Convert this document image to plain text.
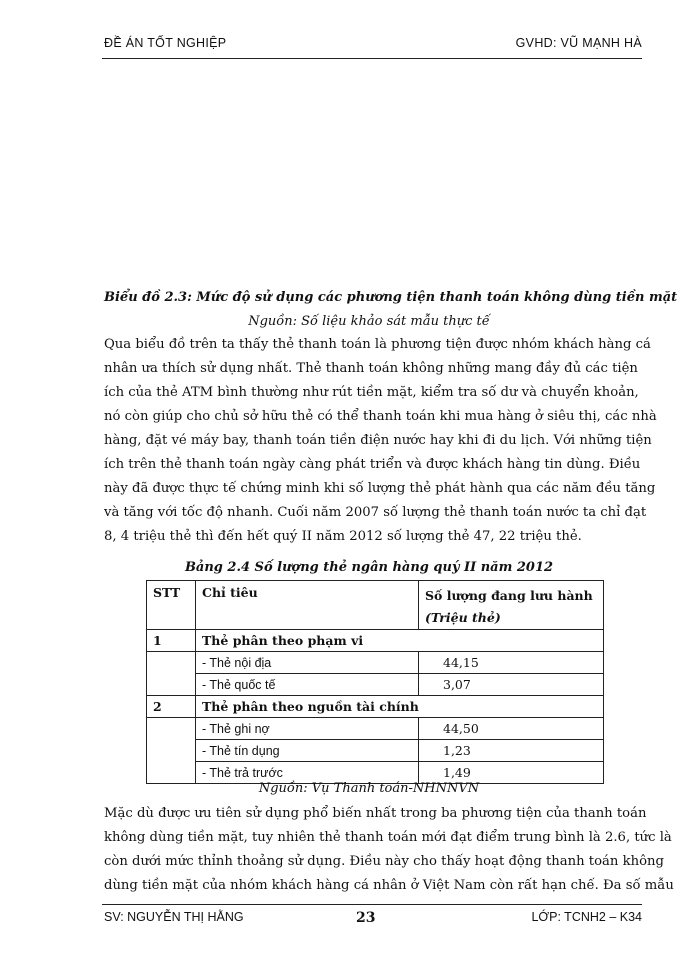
ĐỀ ÁN TỐT NGHIỆP	GVHD: VŨ MẠNH HÀ
Biểu đồ 2.3: Mức độ sử dụng các phương tiện thanh toán không dùng tiền mặt
Nguồn: Số liệu khảo sát mẫu thực tế
Qua biểu đồ trên ta thấy thẻ thanh toán là phương tiện được nhóm khách hàng cá
nhân ưa thích sử dụng nhất. Thẻ thanh toán không những mang đầy đủ các tiện
ích của thẻ ATM bình thường như rút tiền mặt, kiểm tra số dư và chuyển khoản,
nó còn giúp cho chủ sở hữu thẻ có thể thanh toán khi mua hàng ở siêu thị, các nhà
hàng, đặt vé máy bay, thanh toán tiền điện nước hay khi đi du lịch. Với những tiện
ích trên thẻ thanh toán ngày càng phát triển và được khách hàng tin dùng. Điều
này đã được thực tế chứng minh khi số lượng thẻ phát hành qua các năm đều tăng
và tăng với tốc độ nhanh. Cuối năm 2007 số lượng thẻ thanh toán nước ta chỉ đạt
8, 4 triệu thẻ thì đến hết quý II năm 2012 số lượng thẻ 47, 22 triệu thẻ.
Bảng 2.4 Số lượng thẻ ngân hàng quý II năm 2012
STT	Chỉ tiêu	Số lượng đang lưu hành
(Triệu thẻ)

1	Thẻ phân theo phạm vi	
	- Thẻ nội địa	44,15
	- Thẻ quốc tế	3,07
2	Thẻ phân theo nguồn tài chính	
	- Thẻ ghi nợ	44,50
	- Thẻ tín dụng	1,23
	- Thẻ trả trước	1,49
Nguồn: Vụ Thanh toán-NHNNVN
Mặc dù được ưu tiên sử dụng phổ biến nhất trong ba phương tiện của thanh toán
không dùng tiền mặt, tuy nhiên thẻ thanh toán mới đạt điểm trung bình là 2.6, tức là
còn dưới mức thỉnh thoảng sử dụng. Điều này cho thấy hoạt động thanh toán không
dùng tiền mặt của nhóm khách hàng cá nhân ở Việt Nam còn rất hạn chế. Đa số mẫu
SV: NGUYỄN THỊ HẰNG	23	LỚP: TCNH2 – K34
